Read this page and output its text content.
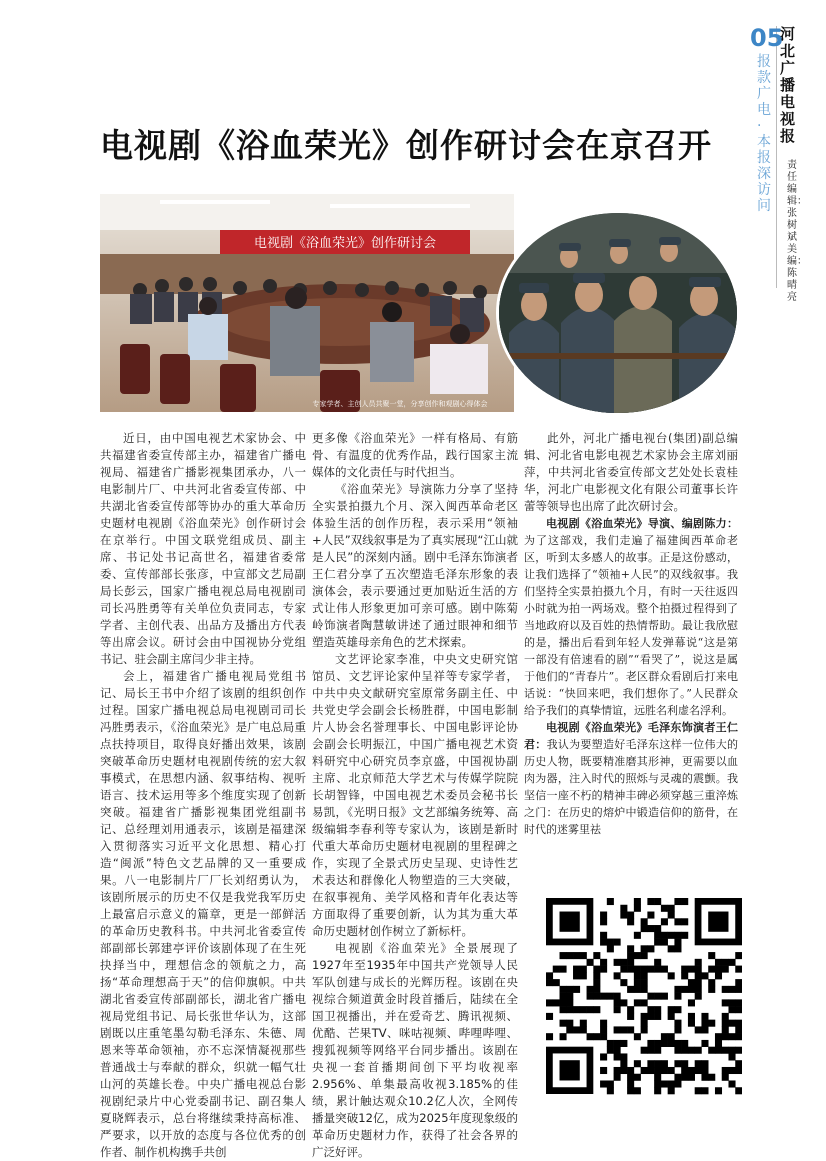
05
河北广播电视报
报款广电·本报深访问
责任编辑：张树斌 美编：陈晴亮
电视剧《浴血荣光》创作研讨会在京召开
电视剧《浴血荣光》创作研讨会
专家学者、主创人员共聚一堂，分享创作和观剧心得体会

近日，由中国电视艺术家协会、中共福建省委宣传部主办，福建省广播电视局、福建省广播影视集团承办，八一电影制片厂、中共河北省委宣传部、中共湖北省委宣传部等协办的重大革命历史题材电视剧《浴血荣光》创作研讨会在京举行。中国文联党组成员、副主席、书记处书记高世名，福建省委常委、宣传部部长张彦，中宣部文艺局副局长彭云，国家广播电视总局电视剧司司长冯胜勇等有关单位负责同志，专家学者、主创代表、出品方及播出方代表等出席会议。研讨会由中国视协分党组书记、驻会副主席闫少非主持。

会上，福建省广播电视局党组书记、局长王书中介绍了该剧的组织创作过程。国家广播电视总局电视剧司司长冯胜勇表示，《浴血荣光》是广电总局重点扶持项目，取得良好播出效果，该剧突破革命历史题材电视剧传统的宏大叙事模式，在思想内涵、叙事结构、视听语言、技术运用等多个维度实现了创新突破。福建省广播影视集团党组副书记、总经理刘用通表示，该剧是福建深入贯彻落实习近平文化思想、精心打造“闽派”特色文艺品牌的又一重要成果。八一电影制片厂厂长刘绍勇认为，该剧所展示的历史不仅是我党我军历史上最富启示意义的篇章，更是一部鲜活的革命历史教科书。中共河北省委宣传部副部长郭建亭评价该剧体现了在生死抉择当中，理想信念的领航之力，高扬“革命理想高于天”的信仰旗帜。中共湖北省委宣传部副部长，湖北省广播电视局党组书记、局长张世华认为，这部剧既以庄重笔墨勾勒毛泽东、朱德、周恩来等革命领袖，亦不忘深情凝视那些普通战士与奉献的群众，织就一幅气壮山河的英雄长卷。中央广播电视总台影视剧纪录片中心党委副书记、副召集人夏晓辉表示，总台将继续秉持高标准、严要求，以开放的态度与各位优秀的创作者、制作机构携手共创

更多像《浴血荣光》一样有格局、有筋骨、有温度的优秀作品，践行国家主流媒体的文化责任与时代担当。

《浴血荣光》导演陈力分享了坚持全实景拍摄九个月、深入闽西革命老区体验生活的创作历程，表示采用“领袖+人民”双线叙事是为了真实展现“江山就是人民”的深刻内涵。剧中毛泽东饰演者王仁君分享了五次塑造毛泽东形象的表演体会，表示要通过更加贴近生活的方式让伟人形象更加可亲可感。剧中陈菊岭饰演者陶慧敏讲述了通过眼神和细节塑造英雄母亲角色的艺术探索。

文艺评论家李准，中央文史研究馆馆员、文艺评论家仲呈祥等专家学者，中共中央文献研究室原常务副主任、中共党史学会副会长杨胜群，中国电影制片人协会名誉理事长、中国电影评论协会副会长明振江，中国广播电视艺术资料研究中心研究员李京盛，中国视协副主席、北京师范大学艺术与传媒学院院长胡智锋，中国电视艺术委员会秘书长易凯，《光明日报》文艺部编务统筹、高级编辑李春利等专家认为，该剧是新时代重大革命历史题材电视剧的里程碑之作，实现了全景式历史呈现、史诗性艺术表达和群像化人物塑造的三大突破，在叙事视角、美学风格和青年化表达等方面取得了重要创新，认为其为重大革命历史题材创作树立了新标杆。

电视剧《浴血荣光》全景展现了1927年至1935年中国共产党领导人民军队创建与成长的光辉历程。该剧在央视综合频道黄金时段首播后，陆续在全国卫视播出，并在爱奇艺、腾讯视频、优酷、芒果TV、咪咕视频、哔哩哔哩、搜狐视频等网络平台同步播出。该剧在央视一套首播期间创下平均收视率2.956%、单集最高收视3.185%的佳绩，累计触达观众10.2亿人次，全网传播量突破12亿，成为2025年度现象级的革命历史题材力作，获得了社会各界的广泛好评。

此外，河北广播电视台(集团)副总编辑、河北省电影电视艺术家协会主席刘丽萍，中共河北省委宣传部文艺处处长袁桂华，河北广电影视文化有限公司董事长许蕾等领导也出席了此次研讨会。

电视剧《浴血荣光》导演、编剧陈力：为了这部戏，我们走遍了福建闽西革命老区，听到太多感人的故事。正是这份感动，让我们选择了“领袖+人民”的双线叙事。我们坚持全实景拍摄九个月，有时一天往返四小时就为拍一两场戏。整个拍摄过程得到了当地政府以及百姓的热情帮助。最让我欣慰的是，播出后看到年轻人发弹幕说“这是第一部没有倍速看的剧”“看哭了”，说这是属于他们的“青春片”。老区群众看剧后打来电话说：“快回来吧，我们想你了。”人民群众给予我们的真挚情谊，远胜名利虚名浮利。

电视剧《浴血荣光》毛泽东饰演者王仁君：我认为要塑造好毛泽东这样一位伟大的历史人物，既要精准磨其形神，更需要以血肉为器，注入时代的照烁与灵魂的震颤。我坚信一座不朽的精神丰碑必须穿越三重淬炼之门：在历史的熔炉中锻造信仰的筋骨，在时代的迷雾里祛
